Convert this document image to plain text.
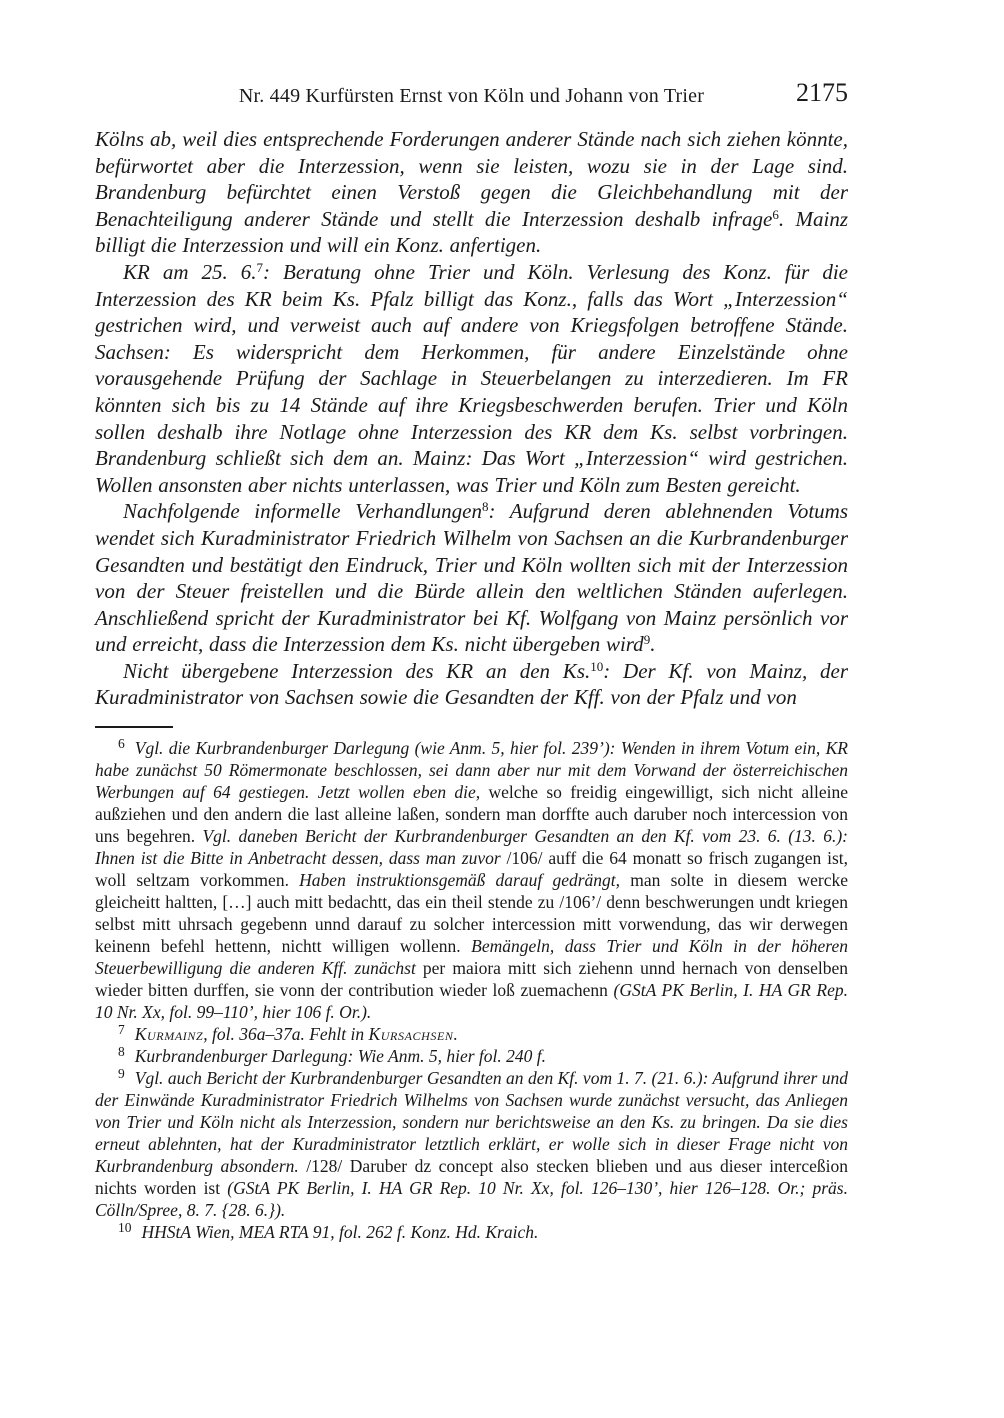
Nr. 449 Kurfürsten Ernst von Köln und Johann von Trier	2175

Kölns ab, weil dies entsprechende Forderungen anderer Stände nach sich ziehen könnte, befürwortet aber die Interzession, wenn sie leisten, wozu sie in der Lage sind. Brandenburg befürchtet einen Verstoß gegen die Gleichbehandlung mit der Benachteiligung anderer Stände und stellt die Interzession deshalb infrage$^6$. Mainz billigt die Interzession und will ein Konz. anfertigen.

KR am 25. 6.$^7$: Beratung ohne Trier und Köln. Verlesung des Konz. für die Interzession des KR beim Ks. Pfalz billigt das Konz., falls das Wort „Interzession“ gestrichen wird, und verweist auch auf andere von Kriegsfolgen betroffene Stände. Sachsen: Es widerspricht dem Herkommen, für andere Einzelstände ohne vorausgehende Prüfung der Sachlage in Steuerbelangen zu interzedieren. Im FR könnten sich bis zu 14 Stände auf ihre Kriegsbeschwerden berufen. Trier und Köln sollen deshalb ihre Notlage ohne Interzession des KR dem Ks. selbst vorbringen. Brandenburg schließt sich dem an. Mainz: Das Wort „Interzession“ wird gestrichen. Wollen ansonsten aber nichts unterlassen, was Trier und Köln zum Besten gereicht.

Nachfolgende informelle Verhandlungen$^8$: Aufgrund deren ablehnenden Votums wendet sich Kuradministrator Friedrich Wilhelm von Sachsen an die Kurbrandenburger Gesandten und bestätigt den Eindruck, Trier und Köln wollten sich mit der Interzession von der Steuer freistellen und die Bürde allein den weltlichen Ständen auferlegen. Anschließend spricht der Kuradministrator bei Kf. Wolfgang von Mainz persönlich vor und erreicht, dass die Interzession dem Ks. nicht übergeben wird$^9$.

Nicht übergebene Interzession des KR an den Ks.$^{10}$: Der Kf. von Mainz, der Kuradministrator von Sachsen sowie die Gesandten der Kff. von der Pfalz und von

$^6$ Vgl. die Kurbrandenburger Darlegung (wie Anm. 5, hier fol. 239’): Wenden in ihrem Votum ein, KR habe zunächst 50 Römermonate beschlossen, sei dann aber nur mit dem Vorwand der österreichischen Werbungen auf 64 gestiegen. Jetzt wollen eben die, welche so freidig eingewilligt, sich nicht alleine außziehen und den andern die last alleine laßen, sondern man dorffte auch daruber noch intercession von uns begehren. Vgl. daneben Bericht der Kurbrandenburger Gesandten an den Kf. vom 23. 6. (13. 6.): Ihnen ist die Bitte in Anbetracht dessen, dass man zuvor /106/ auff die 64 monatt so frisch zugangen ist, woll seltzam vorkommen. Haben instruktionsgemäß darauf gedrängt, man solte in diesem wercke gleicheitt haltten, […] auch mitt bedachtt, das ein theil stende zu /106’/ denn beschwerungen undt kriegen selbst mitt uhrsach gegebenn unnd darauf zu solcher intercession mitt vorwendung, das wir derwegen keinenn befehl hettenn, nichtt willigen wollenn. Bemängeln, dass Trier und Köln in der höheren Steuerbewilligung die anderen Kff. zunächst per maiora mitt sich ziehenn unnd hernach von denselben wieder bitten durffen, sie vonn der contribution wieder loß zuemachenn (GStA PK Berlin, I. HA GR Rep. 10 Nr. Xx, fol. 99–110’, hier 106 f. Or.).

$^7$ Kurmainz, fol. 36a–37a. Fehlt in Kursachsen.

$^8$ Kurbrandenburger Darlegung: Wie Anm. 5, hier fol. 240 f.

$^9$ Vgl. auch Bericht der Kurbrandenburger Gesandten an den Kf. vom 1. 7. (21. 6.): Aufgrund ihrer und der Einwände Kuradministrator Friedrich Wilhelms von Sachsen wurde zunächst versucht, das Anliegen von Trier und Köln nicht als Interzession, sondern nur berichtsweise an den Ks. zu bringen. Da sie dies erneut ablehnten, hat der Kuradministrator letztlich erklärt, er wolle sich in dieser Frage nicht von Kurbrandenburg absondern. /128/ Daruber dz concept also stecken blieben und aus dieser interceßion nichts worden ist (GStA PK Berlin, I. HA GR Rep. 10 Nr. Xx, fol. 126–130’, hier 126–128. Or.; präs. Cölln/Spree, 8. 7. {28. 6.}).

$^{10}$ HHStA Wien, MEA RTA 91, fol. 262 f. Konz. Hd. Kraich.
